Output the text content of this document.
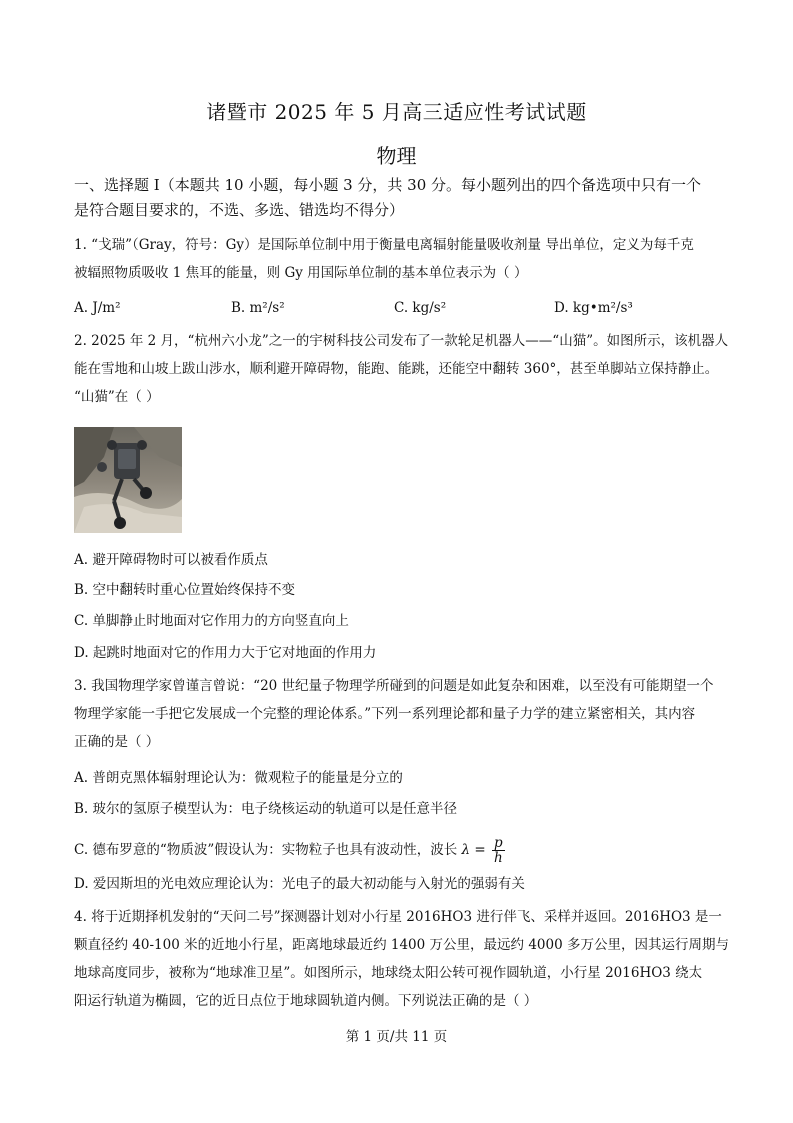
诸暨市 2025 年 5 月高三适应性考试试题
物理
一、选择题 I（本题共 10 小题，每小题 3 分，共 30 分。每小题列出的四个备选项中只有一个
是符合题目要求的，不选、多选、错选均不得分）
1. “戈瑞”（Gray，符号：Gy）是国际单位制中用于衡量电离辐射能量吸收剂量 导出单位，定义为每千克
被辐照物质吸收 1 焦耳的能量，则 Gy 用国际单位制的基本单位表示为（ ）
A. J/m²	B. m²/s²	C. kg/s²	D. kg•m²/s³
2. 2025 年 2 月，“杭州六小龙”之一的宇树科技公司发布了一款轮足机器人——“山猫”。如图所示，该机器人
能在雪地和山坡上跋山涉水，顺利避开障碍物，能跑、能跳，还能空中翻转 360°，甚至单脚站立保持静止。
“山猫”在（ ）
A. 避开障碍物时可以被看作质点
B. 空中翻转时重心位置始终保持不变
C. 单脚静止时地面对它作用力的方向竖直向上
D. 起跳时地面对它的作用力大于它对地面的作用力
3. 我国物理学家曾谨言曾说：“20 世纪量子物理学所碰到的问题是如此复杂和困难，以至没有可能期望一个
物理学家能一手把它发展成一个完整的理论体系。”下列一系列理论都和量子力学的建立紧密相关，其内容
正确的是（ ）
A. 普朗克黑体辐射理论认为：微观粒子的能量是分立的
B. 玻尔的氢原子模型认为：电子绕核运动的轨道可以是任意半径
C. 德布罗意的“物质波”假设认为：实物粒子也具有波动性，波长 $\lambda = \frac{p}{h}$
D. 爱因斯坦的光电效应理论认为：光电子的最大初动能与入射光的强弱有关
4. 将于近期择机发射的“天问二号”探测器计划对小行星 2016HO3 进行伴飞、采样并返回。2016HO3 是一
颗直径约 40-100 米的近地小行星，距离地球最近约 1400 万公里，最远约 4000 多万公里，因其运行周期与
地球高度同步，被称为“地球准卫星”。如图所示，地球绕太阳公转可视作圆轨道，小行星 2016HO3 绕太
阳运行轨道为椭圆，它的近日点位于地球圆轨道内侧。下列说法正确的是（ ）
第 1 页/共 11 页
